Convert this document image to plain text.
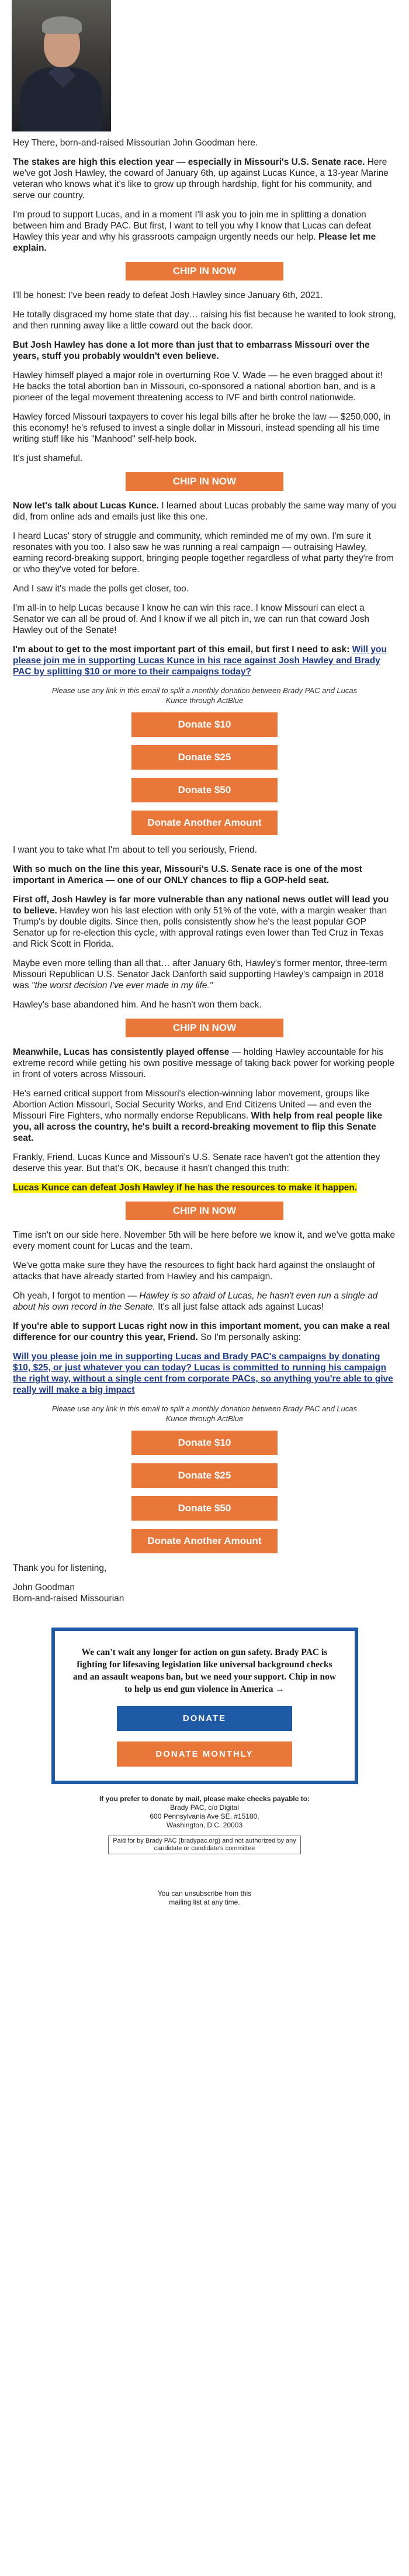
Hey There, born-and-raised Missourian John Goodman here.

The stakes are high this election year — especially in Missouri's U.S. Senate race. Here we've got Josh Hawley, the coward of January 6th, up against Lucas Kunce, a 13-year Marine veteran who knows what it's like to grow up through hardship, fight for his community, and serve our country.

I'm proud to support Lucas, and in a moment I'll ask you to join me in splitting a donation between him and Brady PAC. But first, I want to tell you why I know that Lucas can defeat Hawley this year and why his grassroots campaign urgently needs our help. Please let me explain.

CHIP IN NOW

I'll be honest: I've been ready to defeat Josh Hawley since January 6th, 2021.

He totally disgraced my home state that day… raising his fist because he wanted to look strong, and then running away like a little coward out the back door.

But Josh Hawley has done a lot more than just that to embarrass Missouri over the years, stuff you probably wouldn't even believe.

Hawley himself played a major role in overturning Roe V. Wade — he even bragged about it! He backs the total abortion ban in Missouri, co-sponsored a national abortion ban, and is a pioneer of the legal movement threatening access to IVF and birth control nationwide.

Hawley forced Missouri taxpayers to cover his legal bills after he broke the law — $250,000, in this economy! he's refused to invest a single dollar in Missouri, instead spending all his time writing stuff like his "Manhood" self-help book.

It's just shameful.

CHIP IN NOW

Now let's talk about Lucas Kunce. I learned about Lucas probably the same way many of you did, from online ads and emails just like this one.

I heard Lucas' story of struggle and community, which reminded me of my own. I'm sure it resonates with you too. I also saw he was running a real campaign — outraising Hawley, earning record-breaking support, bringing people together regardless of what party they're from or who they've voted for before.

And I saw it's made the polls get closer, too.

I'm all-in to help Lucas because I know he can win this race. I know Missouri can elect a Senator we can all be proud of. And I know if we all pitch in, we can run that coward Josh Hawley out of the Senate!

I'm about to get to the most important part of this email, but first I need to ask: Will you please join me in supporting Lucas Kunce in his race against Josh Hawley and Brady PAC by splitting $10 or more to their campaigns today?

Please use any link in this email to split a monthly donation between Brady PAC and Lucas Kunce through ActBlue
Donate $10
Donate $25
Donate $50
Donate Another Amount

I want you to take what I'm about to tell you seriously, Friend.

With so much on the line this year, Missouri's U.S. Senate race is one of the most important in America — one of our ONLY chances to flip a GOP-held seat.

First off, Josh Hawley is far more vulnerable than any national news outlet will lead you to believe. Hawley won his last election with only 51% of the vote, with a margin weaker than Trump's by double digits. Since then, polls consistently show he's the least popular GOP Senator up for re-election this cycle, with approval ratings even lower than Ted Cruz in Texas and Rick Scott in Florida.

Maybe even more telling than all that… after January 6th, Hawley's former mentor, three-term Missouri Republican U.S. Senator Jack Danforth said supporting Hawley's campaign in 2018 was "the worst decision I've ever made in my life."

Hawley's base abandoned him. And he hasn't won them back.

CHIP IN NOW

Meanwhile, Lucas has consistently played offense — holding Hawley accountable for his extreme record while getting his own positive message of taking back power for working people in front of voters across Missouri.

He's earned critical support from Missouri's election-winning labor movement, groups like Abortion Action Missouri, Social Security Works, and End Citizens United — and even the Missouri Fire Fighters, who normally endorse Republicans. With help from real people like you, all across the country, he's built a record-breaking movement to flip this Senate seat.

Frankly, Friend, Lucas Kunce and Missouri's U.S. Senate race haven't got the attention they deserve this year. But that's OK, because it hasn't changed this truth:

Lucas Kunce can defeat Josh Hawley if he has the resources to make it happen.

CHIP IN NOW

Time isn't on our side here. November 5th will be here before we know it, and we've gotta make every moment count for Lucas and the team.

We've gotta make sure they have the resources to fight back hard against the onslaught of attacks that have already started from Hawley and his campaign.

Oh yeah, I forgot to mention — Hawley is so afraid of Lucas, he hasn't even run a single ad about his own record in the Senate. It's all just false attack ads against Lucas!

If you're able to support Lucas right now in this important moment, you can make a real difference for our country this year, Friend. So I'm personally asking:

Will you please join me in supporting Lucas and Brady PAC's campaigns by donating $10, $25, or just whatever you can today? Lucas is committed to running his campaign the right way, without a single cent from corporate PACs, so anything you're able to give really will make a big impact

Please use any link in this email to split a monthly donation between Brady PAC and Lucas Kunce through ActBlue
Donate $10
Donate $25
Donate $50
Donate Another Amount

Thank you for listening,

John Goodman
Born-and-raised Missourian

We can't wait any longer for action on gun safety. Brady PAC is fighting for lifesaving legislation like universal background checks and an assault weapons ban, but we need your support. Chip in now to help us end gun violence in America →
DONATE
DONATE MONTHLY
If you prefer to donate by mail, please make checks payable to:
Brady PAC, c/o Digital
600 Pennsylvania Ave SE, #15180,
Washington, D.C. 20003
Paid for by Brady PAC (bradypac.org) and not authorized by any candidate or candidate's committee
You can unsubscribe from this mailing list at any time.
